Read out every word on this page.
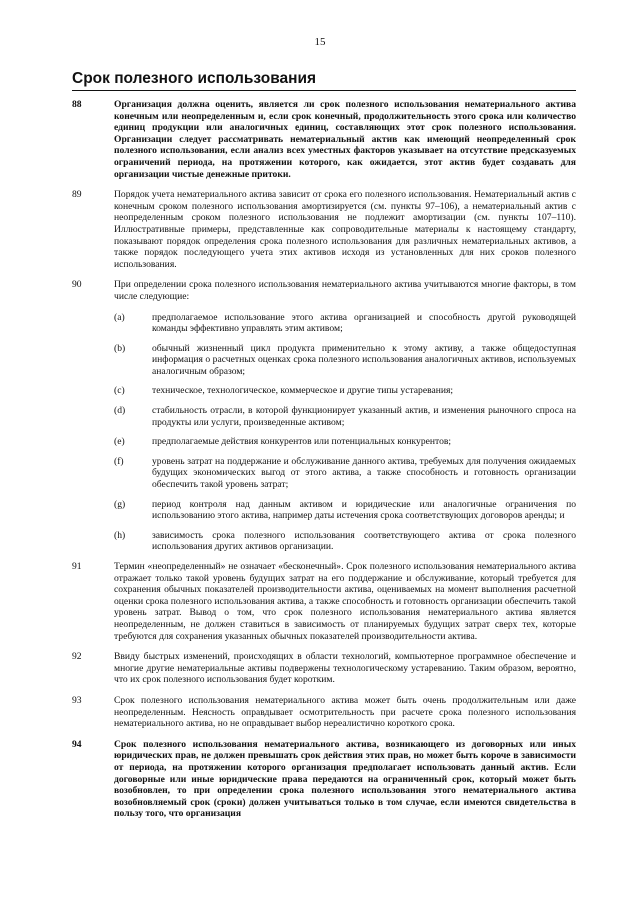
15
Срок полезного использования
88	Организация должна оценить, является ли срок полезного использования нематериального актива конечным или неопределенным и, если срок конечный, продолжительность этого срока или количество единиц продукции или аналогичных единиц, составляющих этот срок полезного использования. Организации следует рассматривать нематериальный актив как имеющий неопределенный срок полезного использования, если анализ всех уместных факторов указывает на отсутствие предсказуемых ограничений периода, на протяжении которого, как ожидается, этот актив будет создавать для организации чистые денежные притоки.
89	Порядок учета нематериального актива зависит от срока его полезного использования. Нематериальный актив с конечным сроком полезного использования амортизируется (см. пункты 97–106), а нематериальный актив с неопределенным сроком полезного использования не подлежит амортизации (см. пункты 107–110). Иллюстративные примеры, представленные как сопроводительные материалы к настоящему стандарту, показывают порядок определения срока полезного использования для различных нематериальных активов, а также порядок последующего учета этих активов исходя из установленных для них сроков полезного использования.
90	При определении срока полезного использования нематериального актива учитываются многие факторы, в том числе следующие:
(a)	предполагаемое использование этого актива организацией и способность другой руководящей команды эффективно управлять этим активом;
(b)	обычный жизненный цикл продукта применительно к этому активу, а также общедоступная информация о расчетных оценках срока полезного использования аналогичных активов, используемых аналогичным образом;
(c)	техническое, технологическое, коммерческое и другие типы устаревания;
(d)	стабильность отрасли, в которой функционирует указанный актив, и изменения рыночного спроса на продукты или услуги, произведенные активом;
(e)	предполагаемые действия конкурентов или потенциальных конкурентов;
(f)	уровень затрат на поддержание и обслуживание данного актива, требуемых для получения ожидаемых будущих экономических выгод от этого актива, а также способность и готовность организации обеспечить такой уровень затрат;
(g)	период контроля над данным активом и юридические или аналогичные ограничения по использованию этого актива, например даты истечения срока соответствующих договоров аренды; и
(h)	зависимость срока полезного использования соответствующего актива от срока полезного использования других активов организации.
91	Термин «неопределенный» не означает «бесконечный». Срок полезного использования нематериального актива отражает только такой уровень будущих затрат на его поддержание и обслуживание, который требуется для сохранения обычных показателей производительности актива, оцениваемых на момент выполнения расчетной оценки срока полезного использования актива, а также способность и готовность организации обеспечить такой уровень затрат. Вывод о том, что срок полезного использования нематериального актива является неопределенным, не должен ставиться в зависимость от планируемых будущих затрат сверх тех, которые требуются для сохранения указанных обычных показателей производительности актива.
92	Ввиду быстрых изменений, происходящих в области технологий, компьютерное программное обеспечение и многие другие нематериальные активы подвержены технологическому устареванию. Таким образом, вероятно, что их срок полезного использования будет коротким.
93	Срок полезного использования нематериального актива может быть очень продолжительным или даже неопределенным. Неясность оправдывает осмотрительность при расчете срока полезного использования нематериального актива, но не оправдывает выбор нереалистично короткого срока.
94	Срок полезного использования нематериального актива, возникающего из договорных или иных юридических прав, не должен превышать срок действия этих прав, но может быть короче в зависимости от периода, на протяжении которого организация предполагает использовать данный актив. Если договорные или иные юридические права передаются на ограниченный срок, который может быть возобновлен, то при определении срока полезного использования этого нематериального актива возобновляемый срок (сроки) должен учитываться только в том случае, если имеются свидетельства в пользу того, что организация
